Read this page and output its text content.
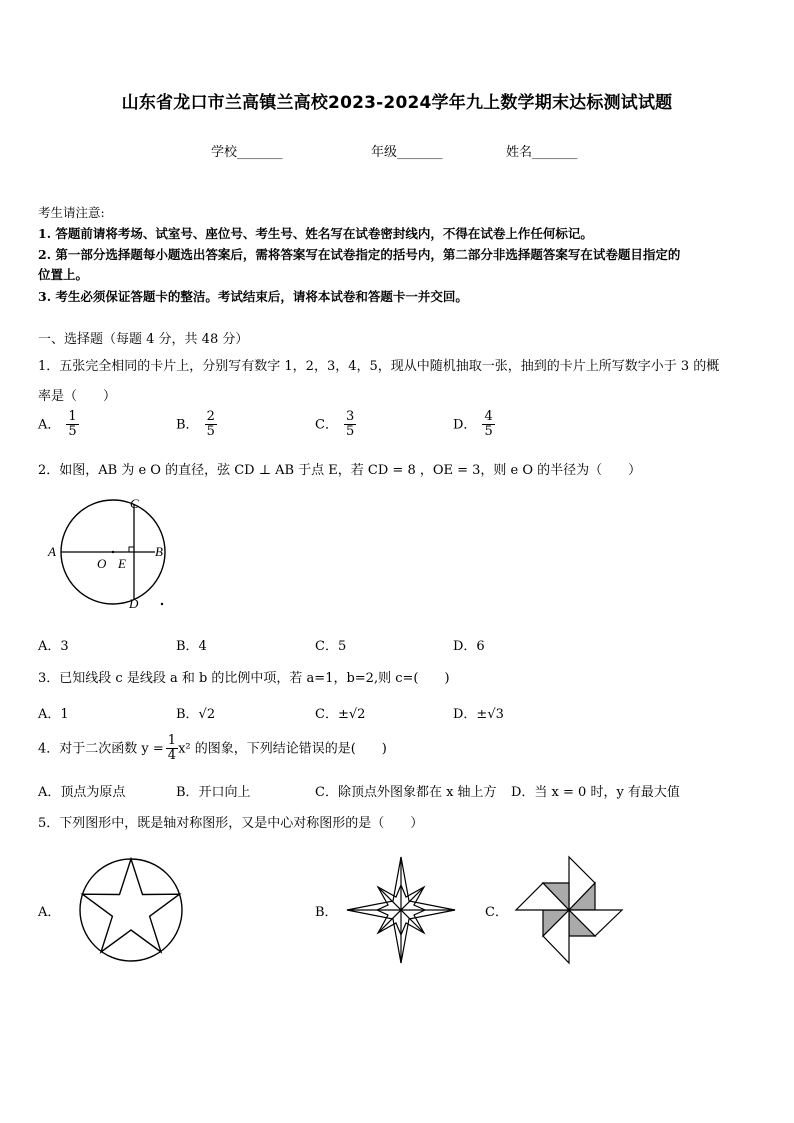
山东省龙口市兰高镇兰高校2023-2024学年九上数学期末达标测试试题
学校_______	年级_______	姓名_______
考生请注意:
1. 答题前请将考场、试室号、座位号、考生号、姓名写在试卷密封线内，不得在试卷上作任何标记。
2. 第一部分选择题每小题选出答案后，需将答案写在试卷指定的括号内，第二部分非选择题答案写在试卷题目指定的
位置上。
3. 考生必须保证答题卡的整洁。考试结束后，请将本试卷和答题卡一并交回。
一、选择题（每题 4 分，共 48 分）
1．五张完全相同的卡片上，分别写有数字 1，2，3，4，5，现从中随机抽取一张，抽到的卡片上所写数字小于 3 的概
率是（　　）
A． $\frac{1}{5}$	B． $\frac{2}{5}$	C． $\frac{3}{5}$	D． $\frac{4}{5}$
2．如图，AB 为 e O 的直径，弦 CD ⊥ AB 于点 E，若 CD = 8 ，OE = 3，则 e O 的半径为（　　）
A	B
C
D
O E
A．3	B．4	C．5	D．6
3．已知线段 c 是线段 a 和 b 的比例中项，若 a=1，b=2,则 c=(　　)
A．1	B．√2	C．±√2	D．±√3
4．对于二次函数 $y = \frac{1}{4} x^2$ 的图象，下列结论错误的是(　　)
A．顶点为原点	B．开口向上	C．除顶点外图象都在 x 轴上方 D．当 x = 0 时，y 有最大值
5．下列图形中，既是轴对称图形，又是中心对称图形的是（　　）
A．	B．	C．
